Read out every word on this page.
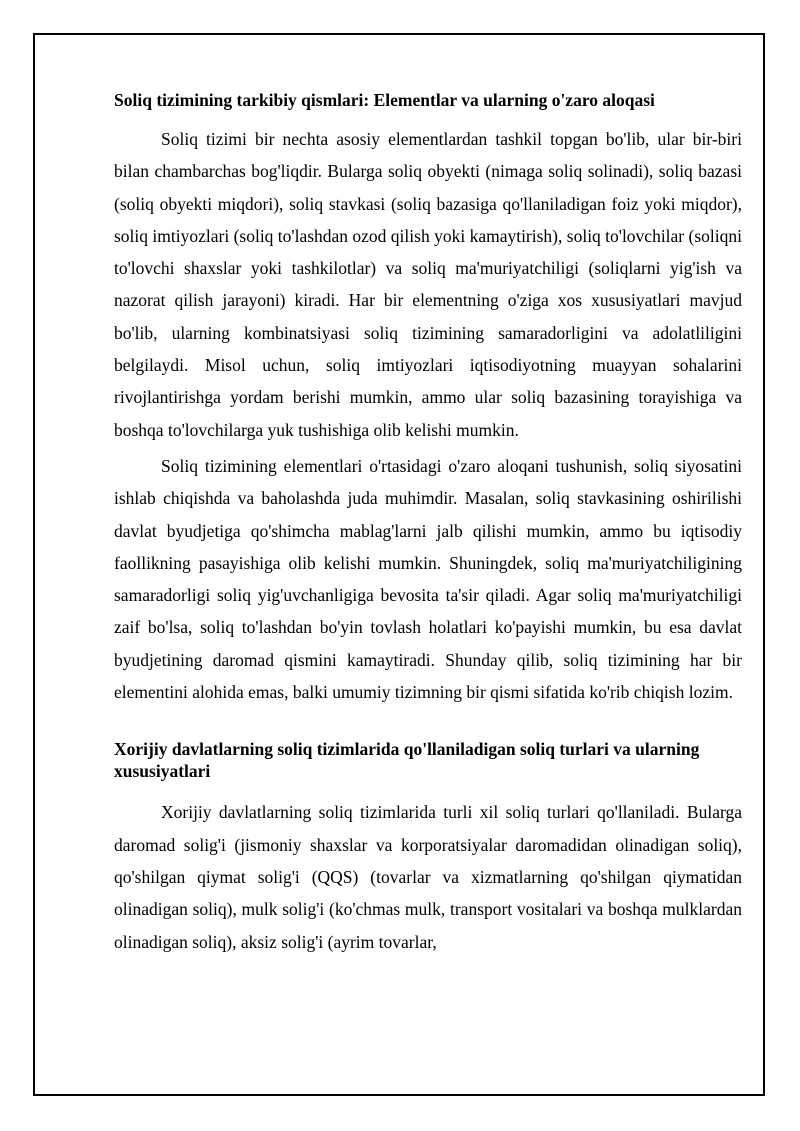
Soliq tizimining tarkibiy qismlari: Elementlar va ularning o'zaro aloqasi

Soliq tizimi bir nechta asosiy elementlardan tashkil topgan bo'lib, ular bir-biri bilan chambarchas bog'liqdir. Bularga soliq obyekti (nimaga soliq solinadi), soliq bazasi (soliq obyekti miqdori), soliq stavkasi (soliq bazasiga qo'llaniladigan foiz yoki miqdor), soliq imtiyozlari (soliq to'lashdan ozod qilish yoki kamaytirish), soliq to'lovchilar (soliqni to'lovchi shaxslar yoki tashkilotlar) va soliq ma'muriyatchiligi (soliqlarni yig'ish va nazorat qilish jarayoni) kiradi. Har bir elementning o'ziga xos xususiyatlari mavjud bo'lib, ularning kombinatsiyasi soliq tizimining samaradorligini va adolatliligini belgilaydi. Misol uchun, soliq imtiyozlari iqtisodiyotning muayyan sohalarini rivojlantirishga yordam berishi mumkin, ammo ular soliq bazasining torayishiga va boshqa to'lovchilarga yuk tushishiga olib kelishi mumkin.

Soliq tizimining elementlari o'rtasidagi o'zaro aloqani tushunish, soliq siyosatini ishlab chiqishda va baholashda juda muhimdir. Masalan, soliq stavkasining oshirilishi davlat byudjetiga qo'shimcha mablag'larni jalb qilishi mumkin, ammo bu iqtisodiy faollikning pasayishiga olib kelishi mumkin. Shuningdek, soliq ma'muriyatchiligining samaradorligi soliq yig'uvchanligiga bevosita ta'sir qiladi. Agar soliq ma'muriyatchiligi zaif bo'lsa, soliq to'lashdan bo'yin tovlash holatlari ko'payishi mumkin, bu esa davlat byudjetining daromad qismini kamaytiradi. Shunday qilib, soliq tizimining har bir elementini alohida emas, balki umumiy tizimning bir qismi sifatida ko'rib chiqish lozim.

Xorijiy davlatlarning soliq tizimlarida qo'llaniladigan soliq turlari va ularning xususiyatlari

Xorijiy davlatlarning soliq tizimlarida turli xil soliq turlari qo'llaniladi. Bularga daromad solig'i (jismoniy shaxslar va korporatsiyalar daromadidan olinadigan soliq), qo'shilgan qiymat solig'i (QQS) (tovarlar va xizmatlarning qo'shilgan qiymatidan olinadigan soliq), mulk solig'i (ko'chmas mulk, transport vositalari va boshqa mulklardan olinadigan soliq), aksiz solig'i (ayrim tovarlar,
